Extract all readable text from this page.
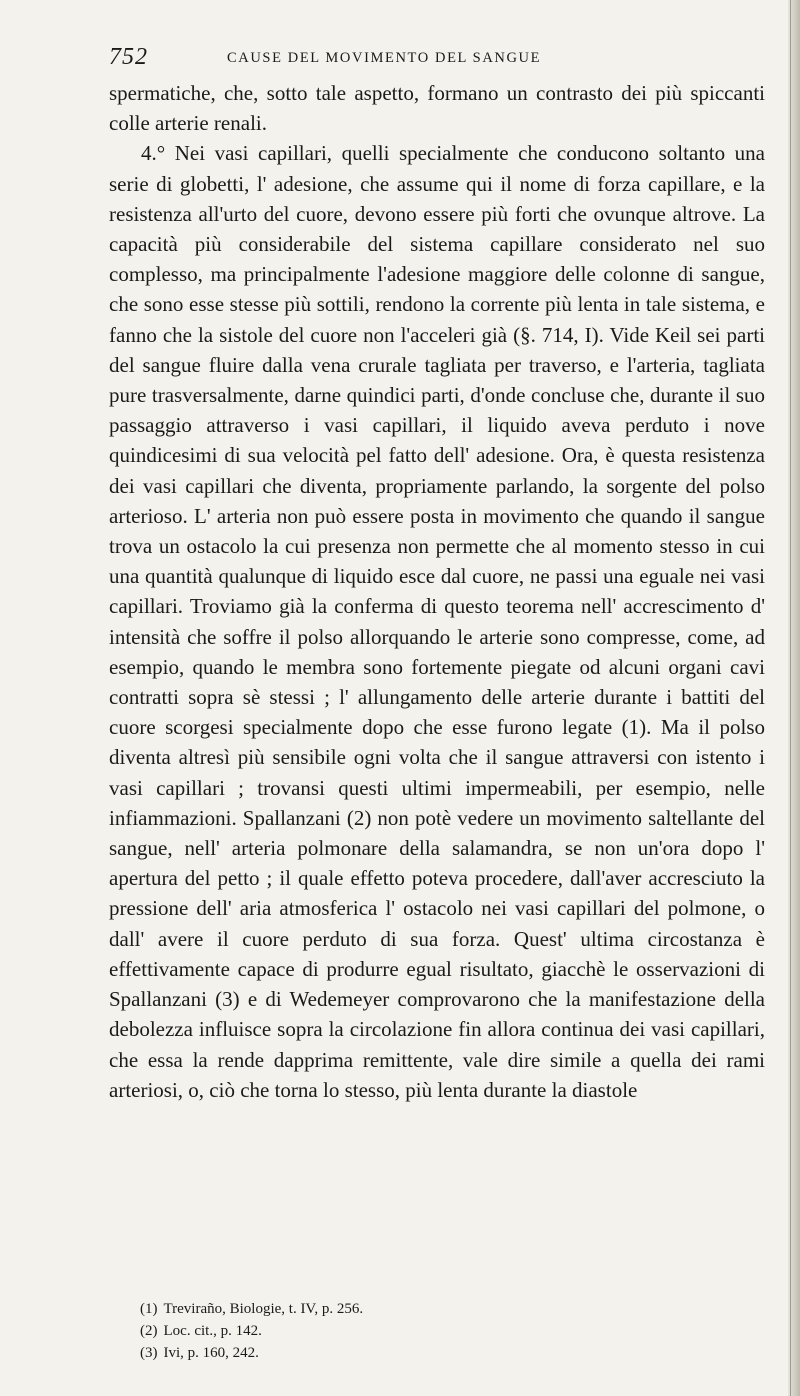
752	CAUSE DEL MOVIMENTO DEL SANGUE

spermatiche, che, sotto tale aspetto, formano un contrasto dei più spiccanti colle arterie renali.

4.° Nei vasi capillari, quelli specialmente che conducono soltanto una serie di globetti, l' adesione, che assume qui il nome di forza capillare, e la resistenza all'urto del cuore, devono essere più forti che ovunque altrove. La capacità più considerabile del sistema capillare considerato nel suo complesso, ma principalmente l'adesione maggiore delle colonne di sangue, che sono esse stesse più sottili, rendono la corrente più lenta in tale sistema, e fanno che la sistole del cuore non l'acceleri già (§. 714, I). Vide Keil sei parti del sangue fluire dalla vena crurale tagliata per traverso, e l'arteria, tagliata pure trasversalmente, darne quindici parti, d'onde concluse che, durante il suo passaggio attraverso i vasi capillari, il liquido aveva perduto i nove quindicesimi di sua velocità pel fatto dell' adesione. Ora, è questa resistenza dei vasi capillari che diventa, propriamente parlando, la sorgente del polso arterioso. L' arteria non può essere posta in movimento che quando il sangue trova un ostacolo la cui presenza non permette che al momento stesso in cui una quantità qualunque di liquido esce dal cuore, ne passi una eguale nei vasi capillari. Troviamo già la conferma di questo teorema nell' accrescimento d' intensità che soffre il polso allorquando le arterie sono compresse, come, ad esempio, quando le membra sono fortemente piegate od alcuni organi cavi contratti sopra sè stessi ; l' allungamento delle arterie durante i battiti del cuore scorgesi specialmente dopo che esse furono legate (1). Ma il polso diventa altresì più sensibile ogni volta che il sangue attraversi con istento i vasi capillari ; trovansi questi ultimi impermeabili, per esempio, nelle infiammazioni. Spallanzani (2) non potè vedere un movimento saltellante del sangue, nell' arteria polmonare della salamandra, se non un'ora dopo l' apertura del petto ; il quale effetto poteva procedere, dall'aver accresciuto la pressione dell' aria atmosferica l' ostacolo nei vasi capillari del polmone, o dall' avere il cuore perduto di sua forza. Quest' ultima circostanza è effettivamente capace di produrre egual risultato, giacchè le osservazioni di Spallanzani (3) e di Wedemeyer comprovarono che la manifestazione della debolezza influisce sopra la circolazione fin allora continua dei vasi capillari, che essa la rende dapprima remittente, vale dire simile a quella dei rami arteriosi, o, ciò che torna lo stesso, più lenta durante la diastole

(1) Treviraño, Biologie, t. IV, p. 256.

(2) Loc. cit., p. 142.

(3) Ivi, p. 160, 242.
